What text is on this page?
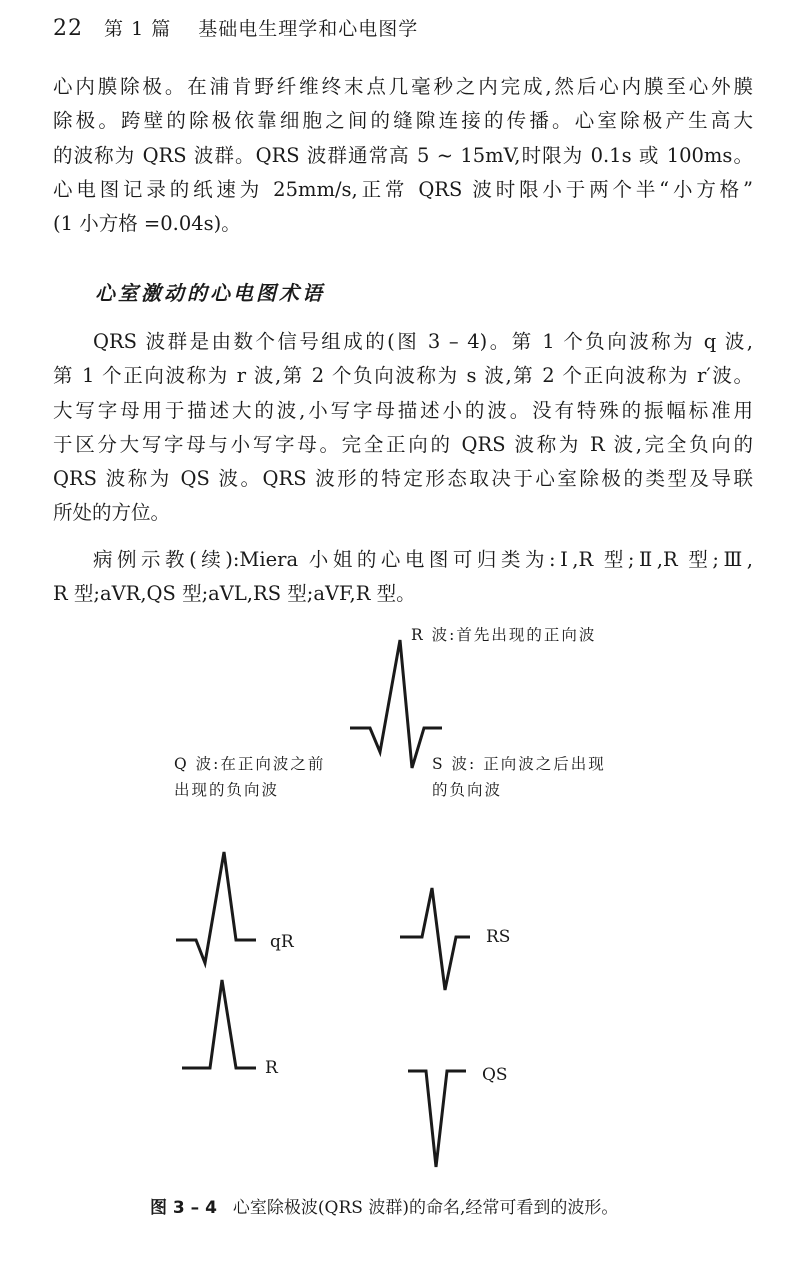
22 第 1 篇 基础电生理学和心电图学

心内膜除极。在浦肯野纤维终末点几毫秒之内完成,然后心内膜至心外膜
除极。跨壁的除极依靠细胞之间的缝隙连接的传播。心室除极产生高大
的波称为 QRS 波群。QRS 波群通常高 5 ~ 15mV,时限为 0.1s 或 100ms。
心电图记录的纸速为 25mm/s,正常 QRS 波时限小于两个半“小方格”
(1 小方格 =0.04s)。

心室激动的心电图术语

QRS 波群是由数个信号组成的(图 3 – 4)。第 1 个负向波称为 q 波,
第 1 个正向波称为 r 波,第 2 个负向波称为 s 波,第 2 个正向波称为 r′波。
大写字母用于描述大的波,小写字母描述小的波。没有特殊的振幅标准用
于区分大写字母与小写字母。完全正向的 QRS 波称为 R 波,完全负向的
QRS 波称为 QS 波。QRS 波形的特定形态取决于心室除极的类型及导联
所处的方位。

病例示教(续):Miera 小姐的心电图可归类为:Ⅰ,R 型;Ⅱ,R 型;Ⅲ,
R 型;aVR,QS 型;aVL,RS 型;aVF,R 型。

R 波:首先出现的正向波
Q 波:在正向波之前
出现的负向波
S 波: 正向波之后出现
的负向波
qR	RS
R	QS
图 3 – 4 心室除极波(QRS 波群)的命名,经常可看到的波形。
